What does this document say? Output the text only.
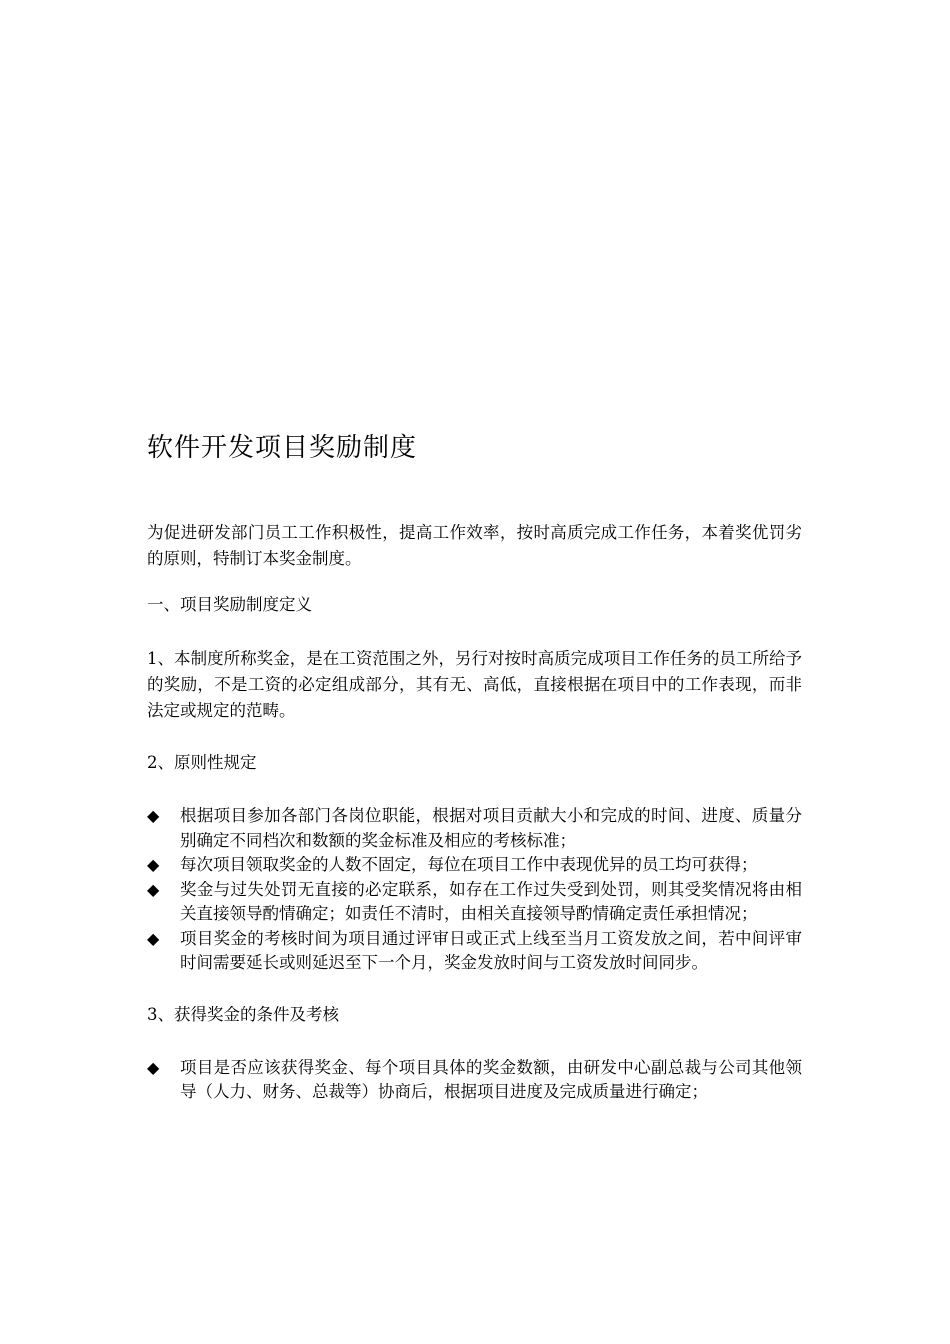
软件开发项目奖励制度

为促进研发部门员工工作积极性，提高工作效率，按时高质完成工作任务，本着奖优罚劣的原则，特制订本奖金制度。

一、项目奖励制度定义

1、本制度所称奖金，是在工资范围之外，另行对按时高质完成项目工作任务的员工所给予的奖励，不是工资的必定组成部分，其有无、高低，直接根据在项目中的工作表现，而非法定或规定的范畴。

2、原则性规定

◆ 根据项目参加各部门各岗位职能，根据对项目贡献大小和完成的时间、进度、质量分别确定不同档次和数额的奖金标准及相应的考核标准；
◆ 每次项目领取奖金的人数不固定，每位在项目工作中表现优异的员工均可获得；
◆ 奖金与过失处罚无直接的必定联系，如存在工作过失受到处罚，则其受奖情况将由相关直接领导酌情确定；如责任不清时，由相关直接领导酌情确定责任承担情况；
◆ 项目奖金的考核时间为项目通过评审日或正式上线至当月工资发放之间，若中间评审时间需要延长或则延迟至下一个月，奖金发放时间与工资发放时间同步。

3、获得奖金的条件及考核

◆ 项目是否应该获得奖金、每个项目具体的奖金数额，由研发中心副总裁与公司其他领导（人力、财务、总裁等）协商后，根据项目进度及完成质量进行确定；
